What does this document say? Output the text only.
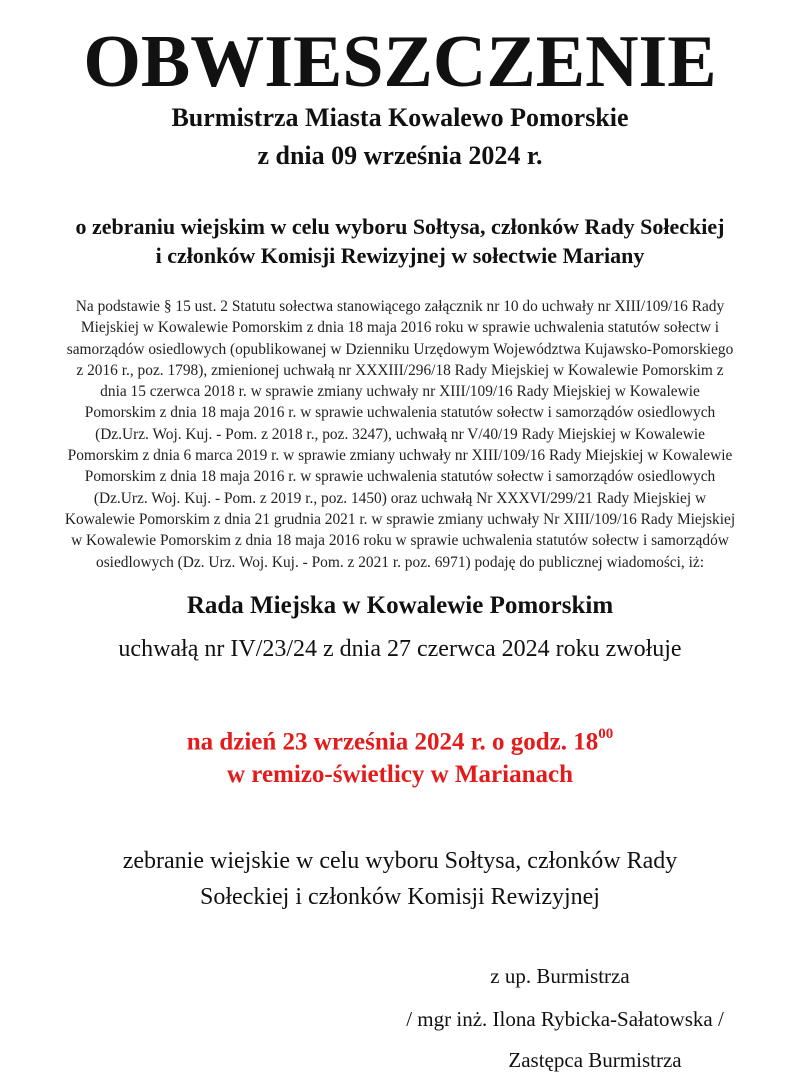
OBWIESZCZENIE
Burmistrza Miasta Kowalewo Pomorskie
z dnia 09 września 2024 r.
o zebraniu wiejskim w celu wyboru Sołtysa, członków Rady Sołeckiej
i członków Komisji Rewizyjnej w sołectwie Mariany
Na podstawie § 15 ust. 2 Statutu sołectwa stanowiącego załącznik nr 10 do uchwały nr XIII/109/16 Rady
Miejskiej w Kowalewie Pomorskim z dnia 18 maja 2016 roku w sprawie uchwalenia statutów sołectw i
samorządów osiedlowych (opublikowanej w Dzienniku Urzędowym Województwa Kujawsko-Pomorskiego
z 2016 r., poz. 1798), zmienionej uchwałą nr XXXIII/296/18 Rady Miejskiej w Kowalewie Pomorskim z
dnia 15 czerwca 2018 r. w sprawie zmiany uchwały nr XIII/109/16 Rady Miejskiej w Kowalewie
Pomorskim z dnia 18 maja 2016 r. w sprawie uchwalenia statutów sołectw i samorządów osiedlowych
(Dz.Urz. Woj. Kuj. - Pom. z 2018 r., poz. 3247), uchwałą nr V/40/19 Rady Miejskiej w Kowalewie
Pomorskim z dnia 6 marca 2019 r. w sprawie zmiany uchwały nr XIII/109/16 Rady Miejskiej w Kowalewie
Pomorskim z dnia 18 maja 2016 r. w sprawie uchwalenia statutów sołectw i samorządów osiedlowych
(Dz.Urz. Woj. Kuj. - Pom. z 2019 r., poz. 1450) oraz uchwałą Nr XXXVI/299/21 Rady Miejskiej w
Kowalewie Pomorskim z dnia 21 grudnia 2021 r. w sprawie zmiany uchwały Nr XIII/109/16 Rady Miejskiej
w Kowalewie Pomorskim z dnia 18 maja 2016 roku w sprawie uchwalenia statutów sołectw i samorządów
osiedlowych (Dz. Urz. Woj. Kuj. - Pom. z 2021 r. poz. 6971) podaję do publicznej wiadomości, iż:
Rada Miejska w Kowalewie Pomorskim
uchwałą nr IV/23/24 z dnia 27 czerwca 2024 roku zwołuje
na dzień 23 września 2024 r. o godz. $18^{00}$
w remizo-świetlicy w Marianach
zebranie wiejskie w celu wyboru Sołtysa, członków Rady
Sołeckiej i członków Komisji Rewizyjnej
z up. Burmistrza
/ mgr inż. Ilona Rybicka-Sałatowska /
Zastępca Burmistrza
